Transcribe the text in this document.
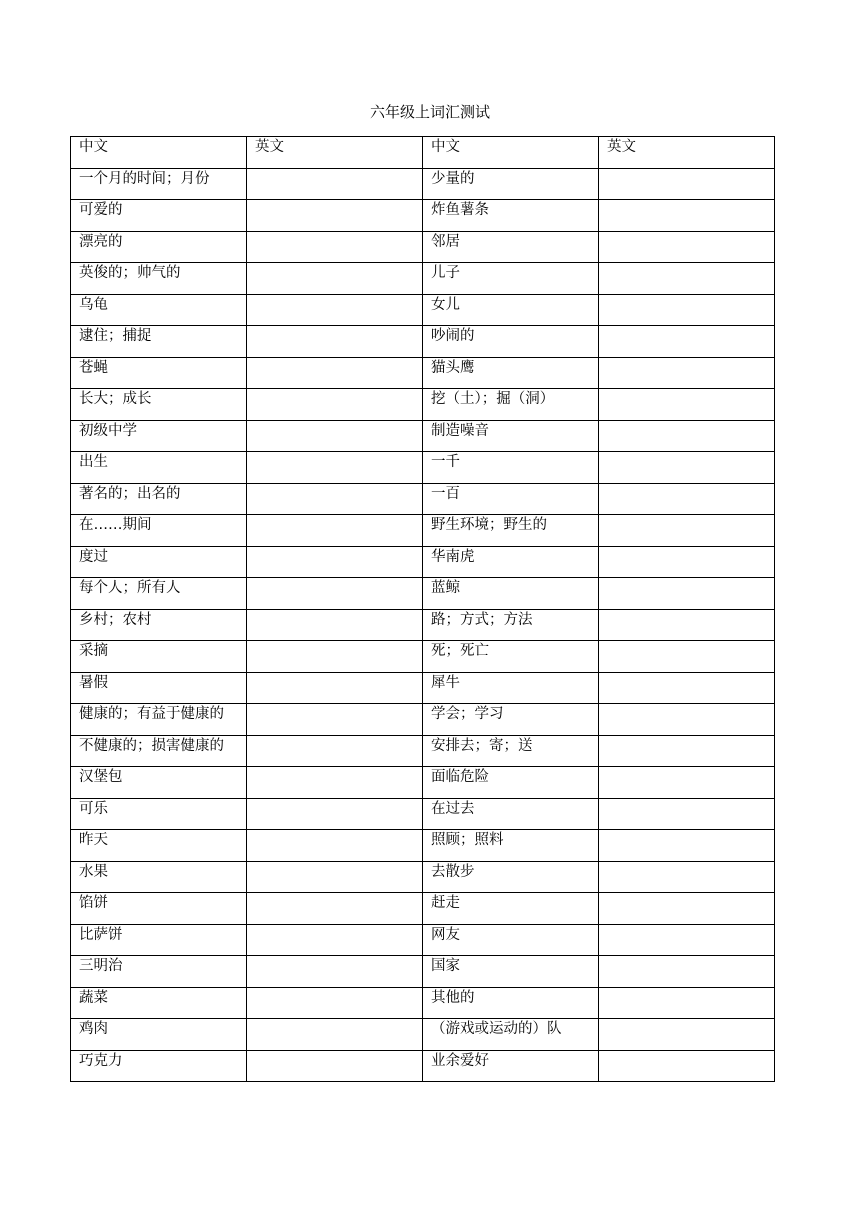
六年级上词汇测试
中文	英文	中文	英文

一个月的时间；月份		少量的	

可爱的		炸鱼薯条	

漂亮的		邻居	

英俊的；帅气的		儿子	

乌龟		女儿	

逮住；捕捉		吵闹的	

苍蝇		猫头鹰	

长大；成长		挖（土）；掘（洞）	

初级中学		制造噪音	

出生		一千	

著名的；出名的		一百	

在……期间		野生环境；野生的	

度过		华南虎	

每个人；所有人		蓝鲸	

乡村；农村		路；方式；方法	

采摘		死；死亡	

暑假		犀牛	

健康的；有益于健康的		学会；学习	

不健康的；损害健康的		安排去；寄；送	

汉堡包		面临危险	

可乐		在过去	

昨天		照顾；照料	

水果		去散步	

馅饼		赶走	

比萨饼		网友	

三明治		国家	

蔬菜		其他的	

鸡肉		（游戏或运动的）队	

巧克力		业余爱好	
